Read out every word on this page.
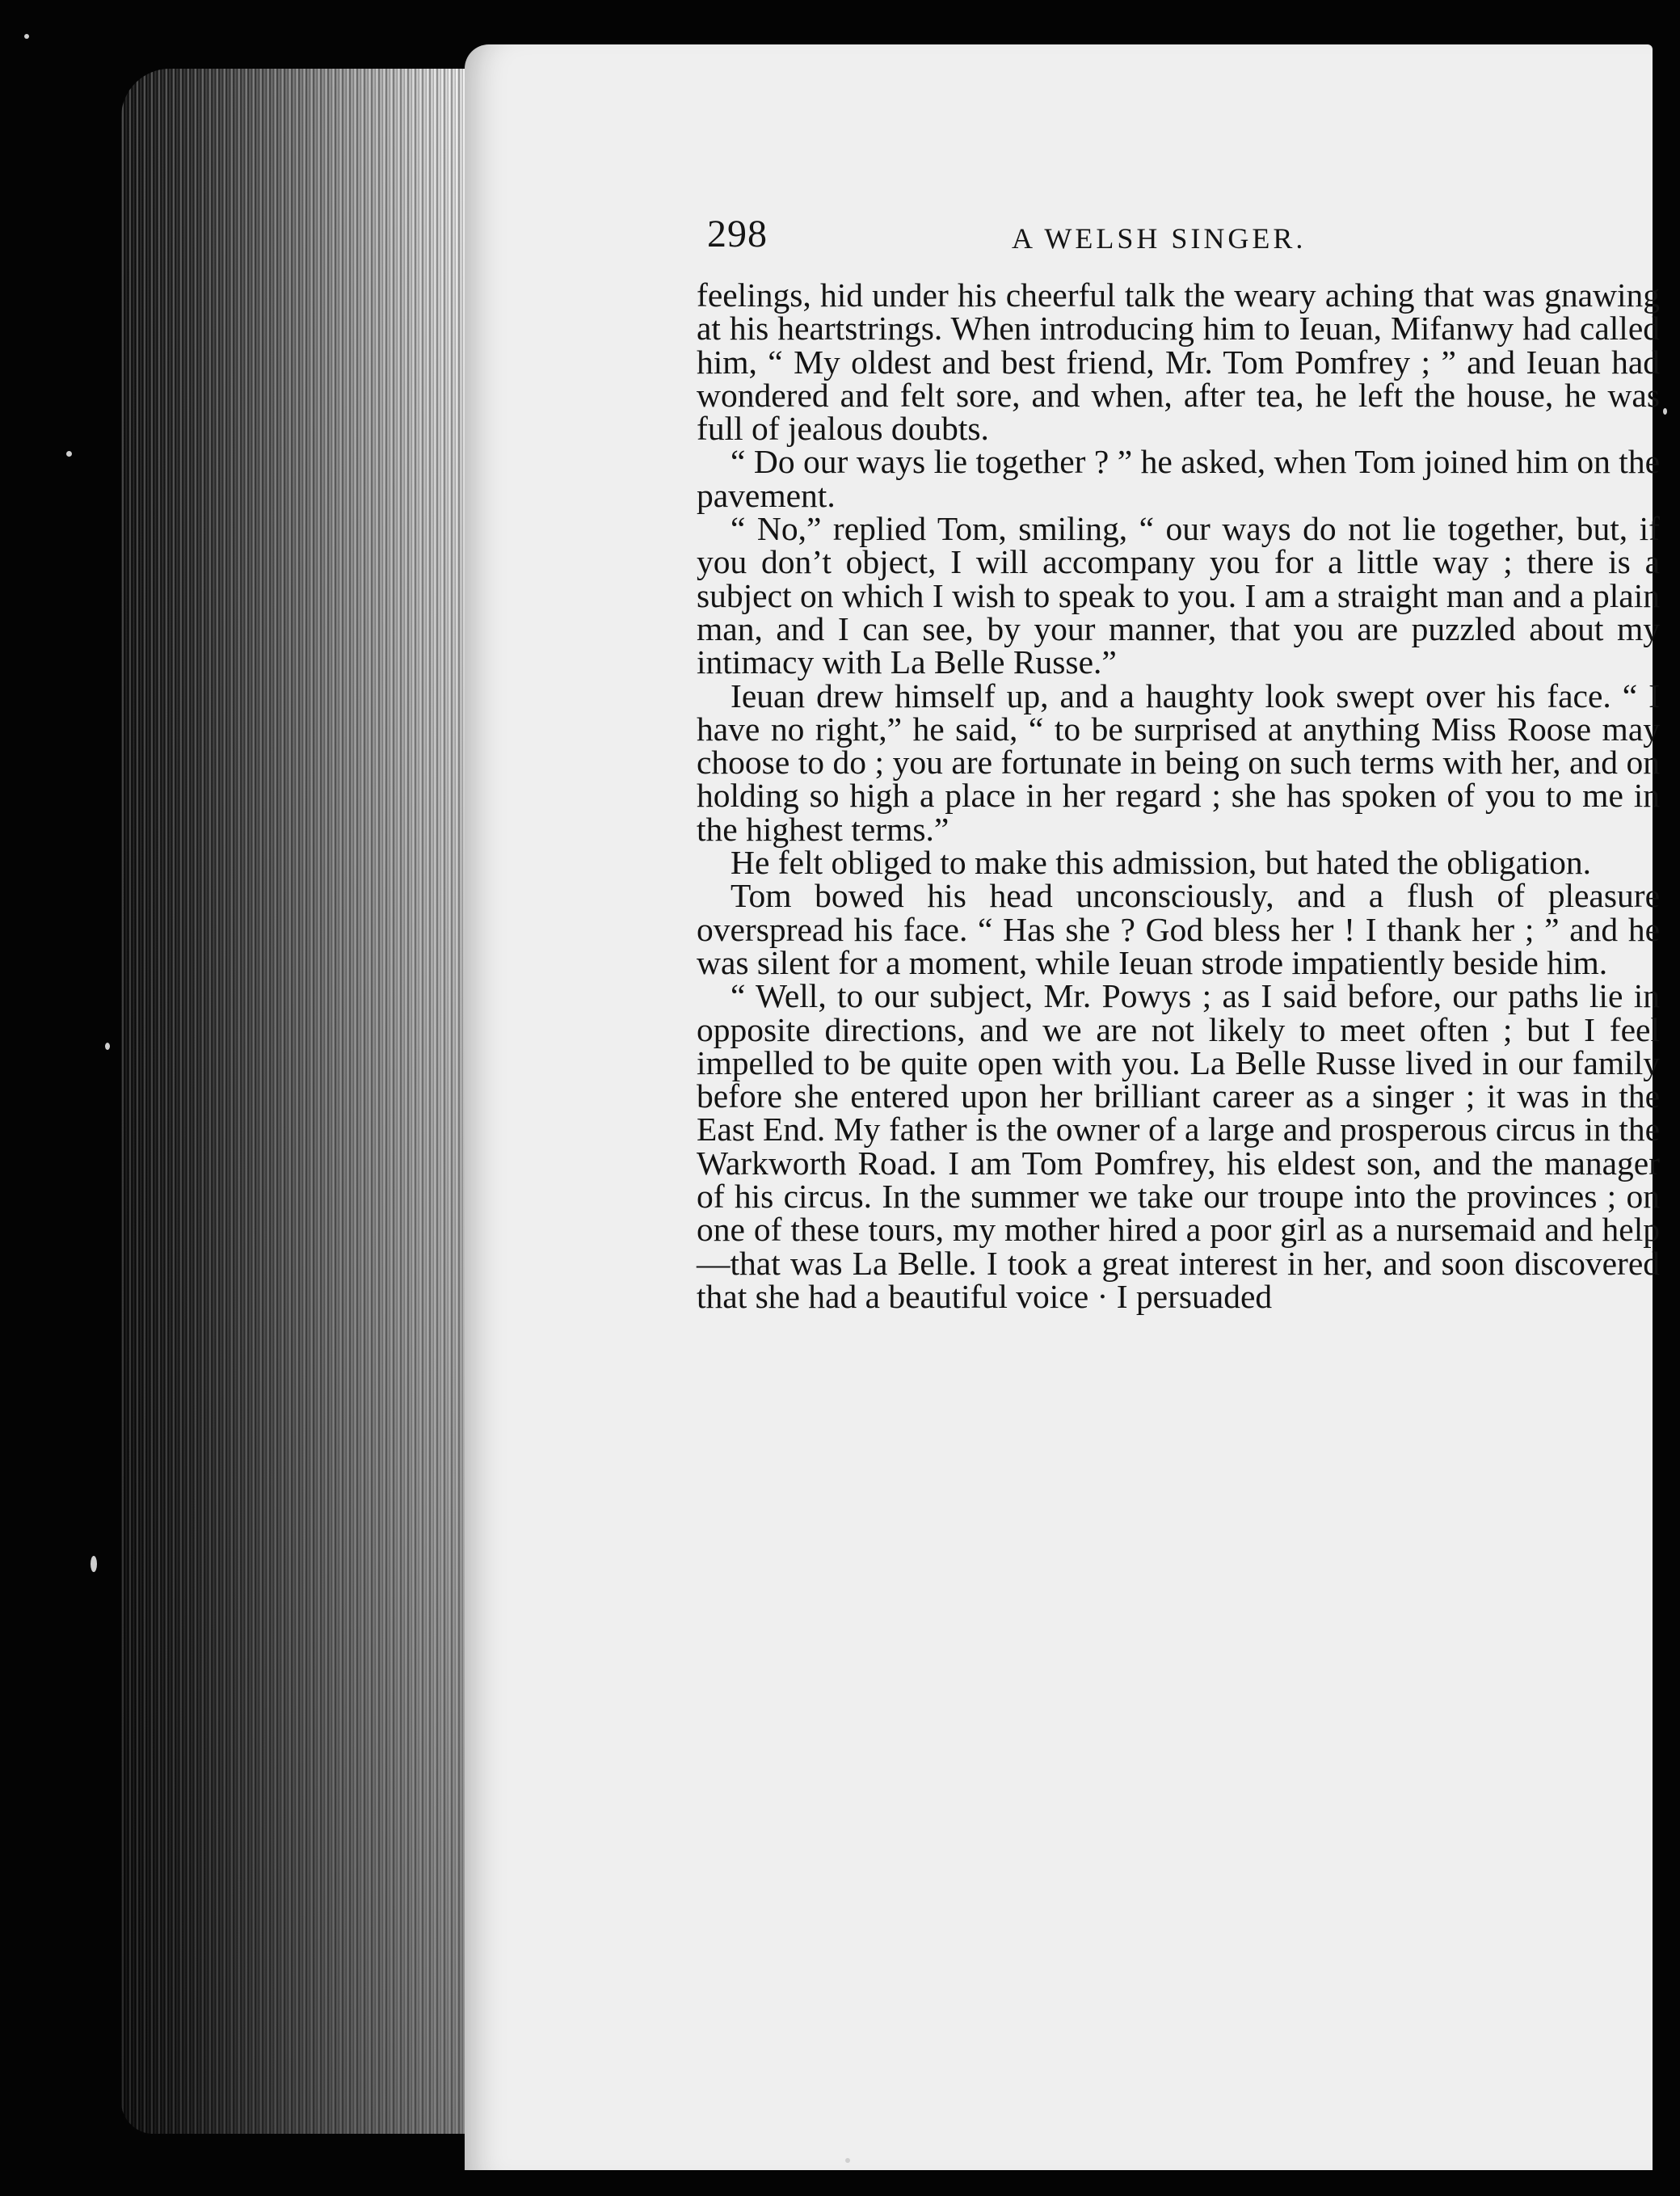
298	A WELSH SINGER.

feelings, hid under his cheerful talk the weary aching that was gnawing at his heartstrings. When introducing him to Ieuan, Mifanwy had called him, “ My oldest and best friend, Mr. Tom Pomfrey ; ” and Ieuan had wondered and felt sore, and when, after tea, he left the house, he was full of jealous doubts.

“ Do our ways lie together ? ” he asked, when Tom joined him on the pavement.

“ No,” replied Tom, smiling, “ our ways do not lie together, but, if you don’t object, I will accompany you for a little way ; there is a subject on which I wish to speak to you. I am a straight man and a plain man, and I can see, by your manner, that you are puzzled about my intimacy with La Belle Russe.”

Ieuan drew himself up, and a haughty look swept over his face. “ I have no right,” he said, “ to be surprised at anything Miss Roose may choose to do ; you are fortunate in being on such terms with her, and on holding so high a place in her regard ; she has spoken of you to me in the highest terms.”

He felt obliged to make this admission, but hated the obligation.

Tom bowed his head unconsciously, and a flush of pleasure overspread his face. “ Has she ? God bless her ! I thank her ; ” and he was silent for a moment, while Ieuan strode impatiently beside him.

“ Well, to our subject, Mr. Powys ; as I said before, our paths lie in opposite directions, and we are not likely to meet often ; but I feel impelled to be quite open with you. La Belle Russe lived in our family before she entered upon her brilliant career as a singer ; it was in the East End. My father is the owner of a large and prosperous circus in the Warkworth Road. I am Tom Pomfrey, his eldest son, and the manager of his circus. In the summer we take our troupe into the provinces ; on one of these tours, my mother hired a poor girl as a nursemaid and help—that was La Belle. I took a great interest in her, and soon discovered that she had a beautiful voice · I persuaded
